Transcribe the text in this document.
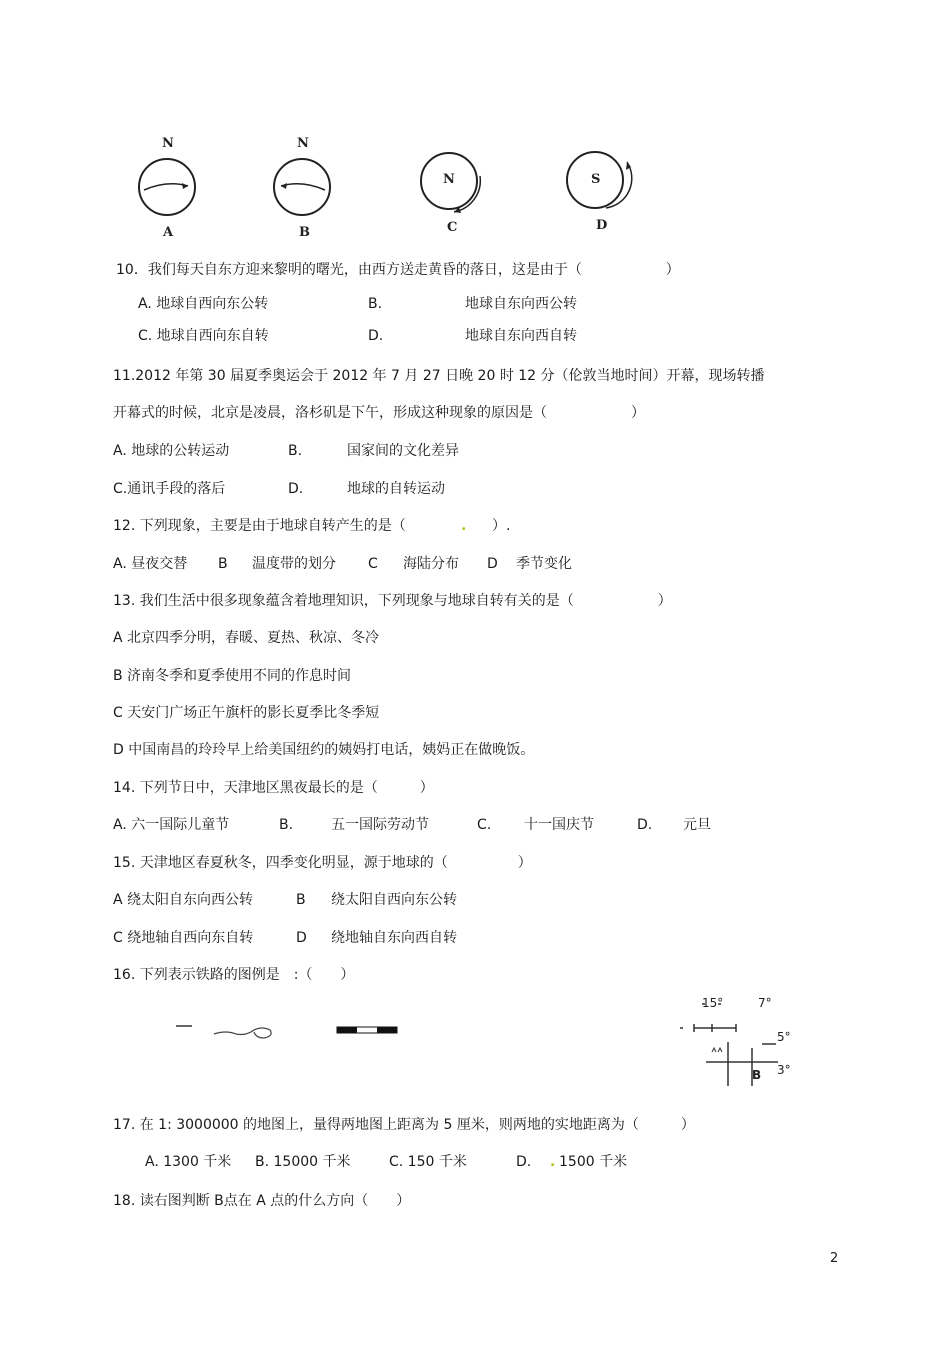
N
A
N
B
N
C
S
D
10．我们每天自东方迎来黎明的曙光，由西方送走黄昏的落日，这是由于（　　　　　　）
A. 地球自西向东公转	B.	地球自东向西公转
C. 地球自西向东自转	D.	地球自东向西自转
11.2012 年第 30 届夏季奥运会于 2012 年 7 月 27 日晚 20 时 12 分（伦敦当地时间）开幕，现场转播
开幕式的时候，北京是凌晨，洛杉矶是下午，形成这种现象的原因是（　　　　　　）
A. 地球的公转运动	B.	国家间的文化差异
C.通讯手段的落后	D.	地球的自转运动
12. 下列现象，主要是由于地球自转产生的是（	. ）.
A. 昼夜交替 B 温度带的划分 C 海陆分布 D 季节变化
13. 我们生活中很多现象蕴含着地理知识，下列现象与地球自转有关的是（　　　　　　）
A 北京四季分明，春暖、夏热、秋凉、冬冷
B 济南冬季和夏季使用不同的作息时间
C 天安门广场正午旗杆的影长夏季比冬季短
D 中国南昌的玲玲早上给美国纽约的姨妈打电话，姨妈正在做晚饭。
14. 下列节日中，天津地区黑夜最长的是（　　　）
A. 六一国际儿童节	B.	五一国际劳动节	C. 十一国庆节	D. 元旦
15. 天津地区春夏秋冬，四季变化明显，源于地球的（　　　　　）
A 绕太阳自东向西公转	B 绕太阳自西向东公转
C 绕地轴自西向东自转	D 绕地轴自东向西自转
16. 下列表示铁路的图例是　:（　　）
15°	7°
5°
3°
B
17. 在 1: 3000000 的地图上，量得两地图上距离为 5 厘米，则两地的实地距离为（　　　）
A. 1300 千米 B. 15000 千米	C. 150 千米	D. . 1500 千米
18. 读右图判断 B点在 A 点的什么方向（　　）
2
